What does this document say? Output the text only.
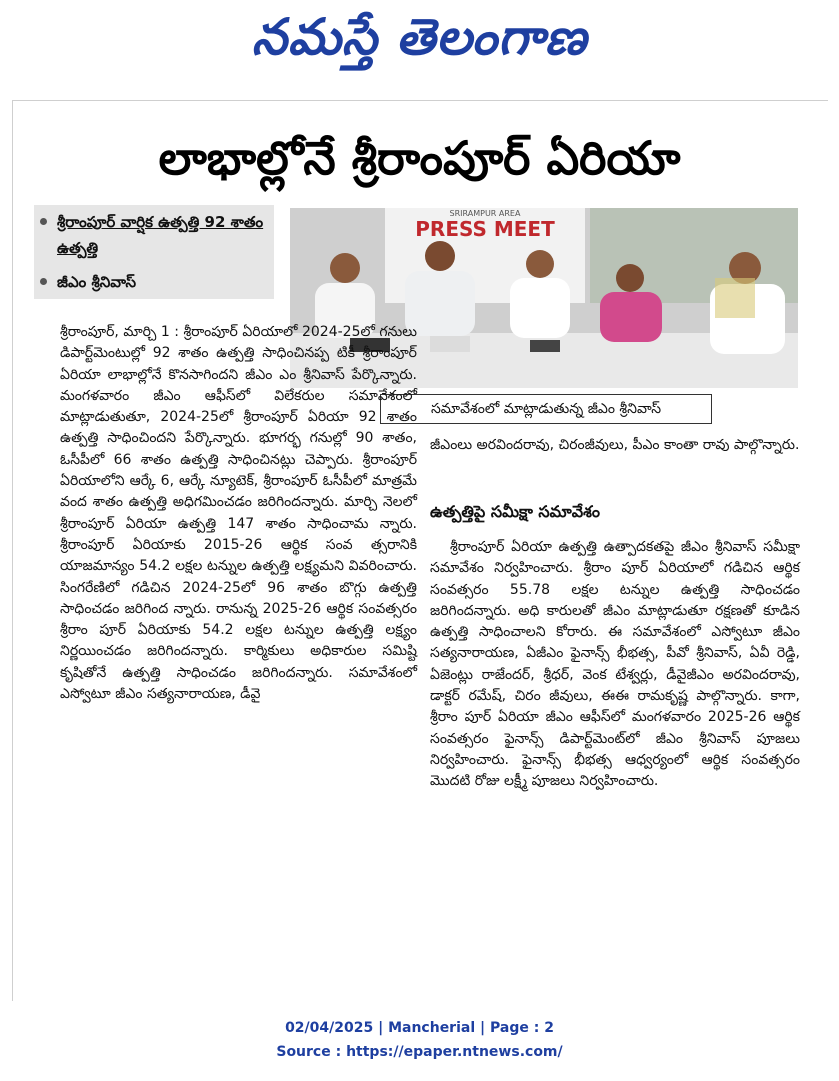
నమస్తే తెలంగాణ
లాభాల్లోనే శ్రీరాంపూర్ ఏరియా
శ్రీరాంపూర్ వార్షిక ఉత్పత్తి 92 శాతం ఉత్పత్తి
జీఎం శ్రీనివాస్
SRIRAMPUR AREA
PRESS MEET
సమావేశంలో మాట్లాడుతున్న జీఎం శ్రీనివాస్

శ్రీరాంపూర్, మార్చి 1 : శ్రీరాంపూర్ ఏరియాలో 2024-25లో గనులు డిపార్ట్‌మెంటుల్లో 92 శాతం ఉత్పత్తి సాధించినప్ప టికీ శ్రీరాంపూర్ ఏరియా లాభాల్లోనే కొనసాగిందని జీఎం ఎం శ్రీనివాస్ పేర్కొన్నారు. మంగళవారం జీఎం ఆఫీస్‌లో విలేకరుల సమావేశంలో మాట్లాడుతుతూ, 2024-25లో శ్రీరాంపూర్ ఏరియా 92 శాతం ఉత్పత్తి సాధించిందని పేర్కొన్నారు. భూగర్భ గనుల్లో 90 శాతం, ఓసీపీలో 66 శాతం ఉత్పత్తి సాధించినట్లు చెప్పారు. శ్రీరాంపూర్ ఏరియాలోని ఆర్కే 6, ఆర్కే న్యూటెక్, శ్రీరాంపూర్ ఓసీపీలో మాత్రమే వంద శాతం ఉత్పత్తి అధిగమించడం జరిగిందన్నారు. మార్చి నెలలో శ్రీరాంపూర్ ఏరియా ఉత్పత్తి 147 శాతం సాధించామ న్నారు. శ్రీరాంపూర్ ఏరియాకు 2015-26 ఆర్థిక సంవ త్సరానికి యాజమాన్యం 54.2 లక్షల టన్నుల ఉత్పత్తి లక్ష్యమని వివరించారు. సింగరేణిలో గడిచిన 2024-25లో 96 శాతం బొగ్గు ఉత్పత్తి సాధించడం జరిగింద న్నారు. రానున్న 2025-26 ఆర్థిక సంవత్సరం శ్రీరాం పూర్ ఏరియాకు 54.2 లక్షల టన్నుల ఉత్పత్తి లక్ష్యం నిర్ణయించడం జరిగిందన్నారు. కార్మికులు అధికారుల సమిష్టి కృషితోనే ఉత్పత్తి సాధించడం జరిగిందన్నారు. సమావేశంలో ఎస్వోటూ జీఎం సత్యనారాయణ, డీవై

జీఎంలు అరవిందరావు, చిరంజీవులు, పీఎం కాంతా రావు పాల్గొన్నారు.

ఉత్పత్తిపై సమీక్షా సమావేశం

శ్రీరాంపూర్ ఏరియా ఉత్పత్తి ఉత్పాదకతపై జీఎం శ్రీనివాస్ సమీక్షా సమావేశం నిర్వహించారు. శ్రీరాం పూర్ ఏరియాలో గడిచిన ఆర్థిక సంవత్సరం 55.78 లక్షల టన్నుల ఉత్పత్తి సాధించడం జరిగిందన్నారు. అధి కారులతో జీఎం మాట్లాడుతూ రక్షణతో కూడిన ఉత్పత్తి సాధించాలని కోరారు. ఈ సమావేశంలో ఎస్వోటూ జీఎం సత్యనారాయణ, ఏజీఎం ఫైనాన్స్ భీభత్స, పీవో శ్రీనివాస్, ఏవీ రెడ్డి, ఏజెంట్లు రాజేందర్, శ్రీధర్, వెంక టేశ్వర్లు, డీవైజీఎం అరవిందరావు, డాక్టర్ రమేష్, చిరం జీవులు, ఈఈ రామకృష్ణ పాల్గొన్నారు. కాగా, శ్రీరాం పూర్ ఏరియా జీఎం ఆఫీస్‌లో మంగళవారం 2025-26 ఆర్థిక సంవత్సరం ఫైనాన్స్ డిపార్ట్‌మెంట్‌లో జీఎం శ్రీనివాస్ పూజలు నిర్వహించారు. ఫైనాన్స్ భీభత్స ఆధ్వర్యంలో ఆర్థిక సంవత్సరం మొదటి రోజు లక్ష్మీ పూజలు నిర్వహించారు.

02/04/2025 | Mancherial | Page : 2
Source : https://epaper.ntnews.com/
